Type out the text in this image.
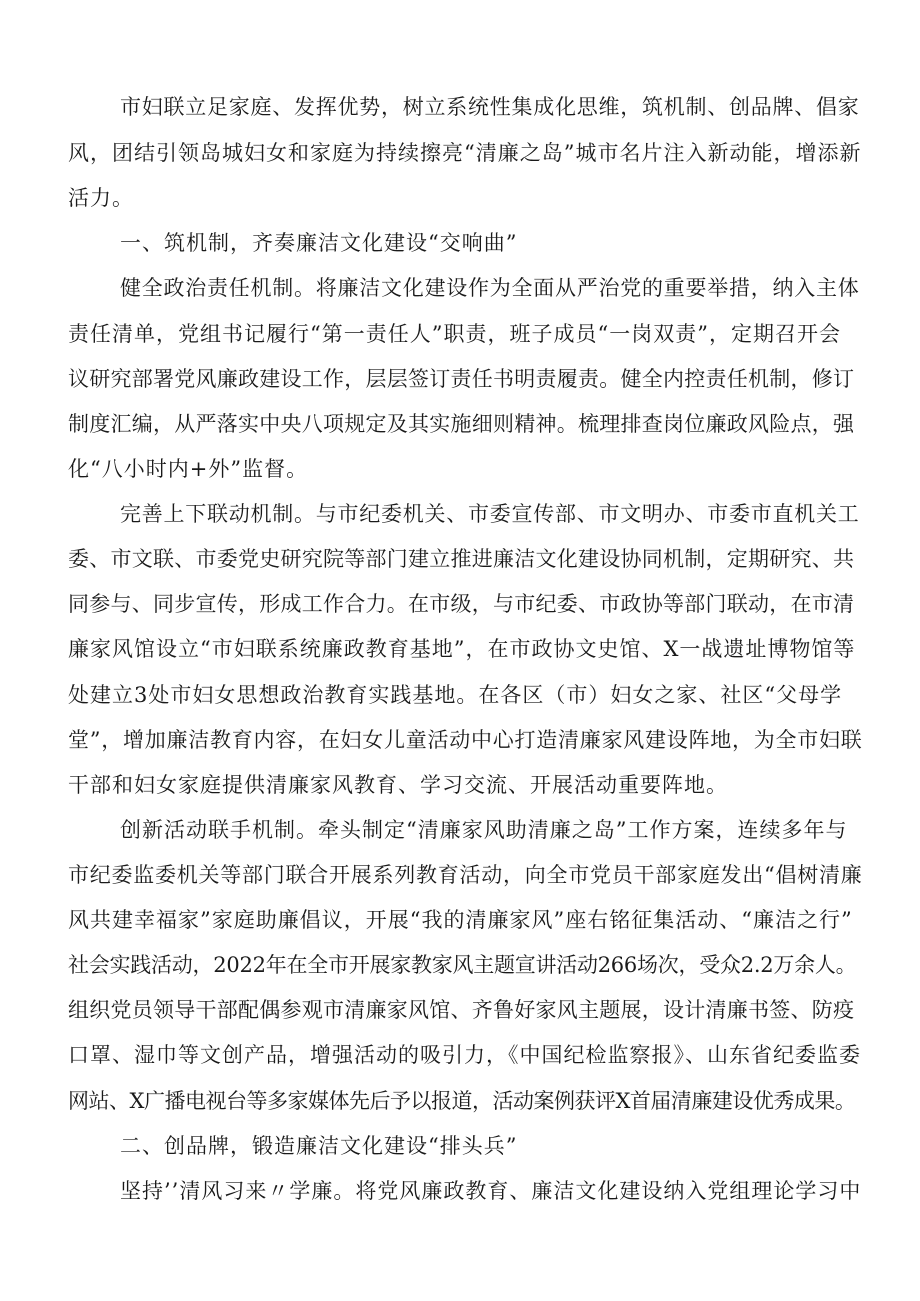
市妇联立足家庭、发挥优势，树立系统性集成化思维，筑机制、创品牌、倡家
风，团结引领岛城妇女和家庭为持续擦亮“清廉之岛”城市名片注入新动能，增添新
活力。
一、筑机制，齐奏廉洁文化建设“交响曲”
健全政治责任机制。将廉洁文化建设作为全面从严治党的重要举措，纳入主体
责任清单，党组书记履行“第一责任人”职责，班子成员“一岗双责”，定期召开会
议研究部署党风廉政建设工作，层层签订责任书明责履责。健全内控责任机制，修订
制度汇编，从严落实中央八项规定及其实施细则精神。梳理排查岗位廉政风险点，强
化“八小时内+外”监督。
完善上下联动机制。与市纪委机关、市委宣传部、市文明办、市委市直机关工
委、市文联、市委党史研究院等部门建立推进廉洁文化建设协同机制，定期研究、共
同参与、同步宣传，形成工作合力。在市级，与市纪委、市政协等部门联动，在市清
廉家风馆设立“市妇联系统廉政教育基地”，在市政协文史馆、X一战遗址博物馆等
处建立3处市妇女思想政治教育实践基地。在各区（市）妇女之家、社区“父母学
堂”，增加廉洁教育内容，在妇女儿童活动中心打造清廉家风建设阵地，为全市妇联
干部和妇女家庭提供清廉家风教育、学习交流、开展活动重要阵地。
创新活动联手机制。牵头制定“清廉家风助清廉之岛”工作方案，连续多年与
市纪委监委机关等部门联合开展系列教育活动，向全市党员干部家庭发出“倡树清廉
风共建幸福家”家庭助廉倡议，开展“我的清廉家风”座右铭征集活动、“廉洁之行”
社会实践活动，2022年在全市开展家教家风主题宣讲活动266场次，受众2.2万余人。
组织党员领导干部配偶参观市清廉家风馆、齐鲁好家风主题展，设计清廉书签、防疫
口罩、湿巾等文创产品，增强活动的吸引力，《中国纪检监察报》、山东省纪委监委
网站、X广播电视台等多家媒体先后予以报道，活动案例获评X首届清廉建设优秀成果。
二、创品牌，锻造廉洁文化建设“排头兵”
坚持’’清风习来〃学廉。将党风廉政教育、廉洁文化建设纳入党组理论学习中
